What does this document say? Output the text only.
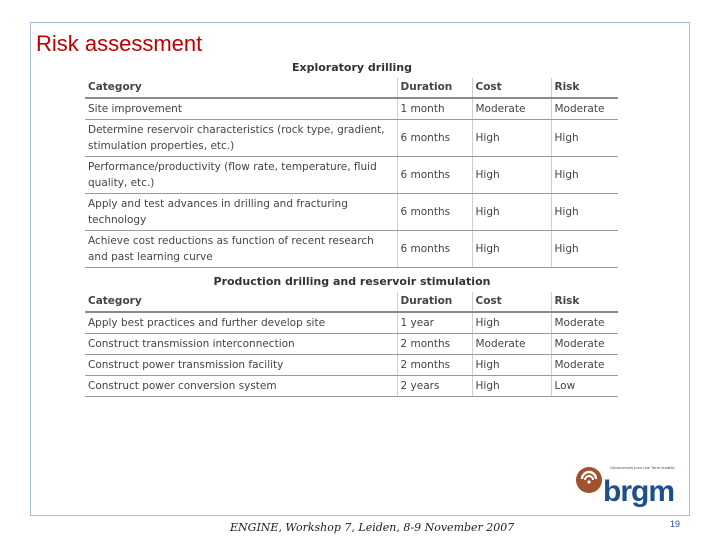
Risk assessment
Exploratory drilling
Category	Duration	Cost	Risk
Site improvement	1 month	Moderate	Moderate
Determine reservoir characteristics (rock type, gradient, stimulation properties, etc.)	6 months	High	High
Performance/productivity (flow rate, temperature, fluid quality, etc.)	6 months	High	High
Apply and test advances in drilling and fracturing technology	6 months	High	High
Achieve cost reductions as function of recent research and past learning curve	6 months	High	High
Production drilling and reservoir stimulation
Category	Duration	Cost	Risk
Apply best practices and further develop site	1 year	High	Moderate
Construct transmission interconnection	2 months	Moderate	Moderate
Construct power transmission facility	2 months	High	Moderate
Construct power conversion system	2 years	High	Low
Géosciences pour une Terre durable
brgm
ENGINE, Workshop 7, Leiden, 8-9 November 2007	19
